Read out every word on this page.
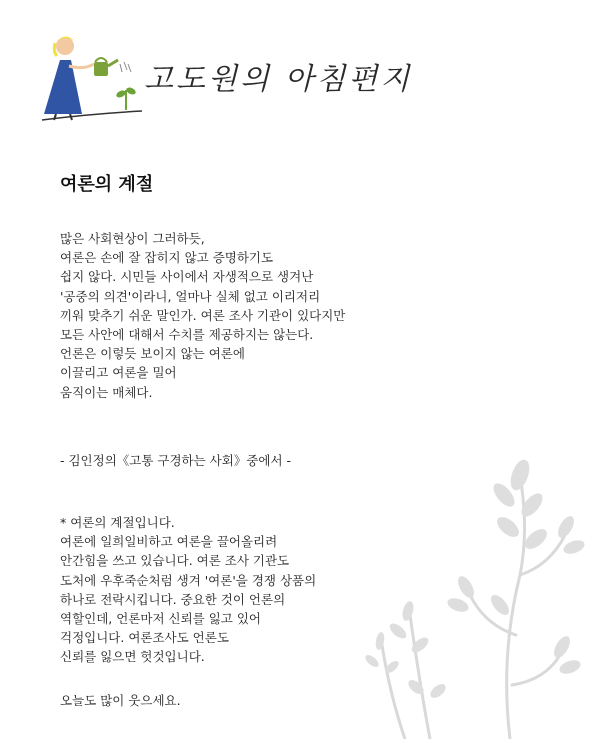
고도원의 아침편지
여론의 계절
많은 사회현상이 그러하듯,
여론은 손에 잘 잡히지 않고 증명하기도
쉽지 않다. 시민들 사이에서 자생적으로 생겨난
'공중의 의견'이라니, 얼마나 실체 없고 이리저리
끼워 맞추기 쉬운 말인가. 여론 조사 기관이 있다지만
모든 사안에 대해서 수치를 제공하지는 않는다.
언론은 이렇듯 보이지 않는 여론에
이끌리고 여론을 밀어
움직이는 매체다.
- 김인정의《고통 구경하는 사회》중에서 -
* 여론의 계절입니다.
여론에 일희일비하고 여론을 끌어올리려
안간힘을 쓰고 있습니다. 여론 조사 기관도
도처에 우후죽순처럼 생겨 '여론'을 경쟁 상품의
하나로 전락시킵니다. 중요한 것이 언론의
역할인데, 언론마저 신뢰를 잃고 있어
걱정입니다. 여론조사도 언론도
신뢰를 잃으면 헛것입니다.
오늘도 많이 웃으세요.
